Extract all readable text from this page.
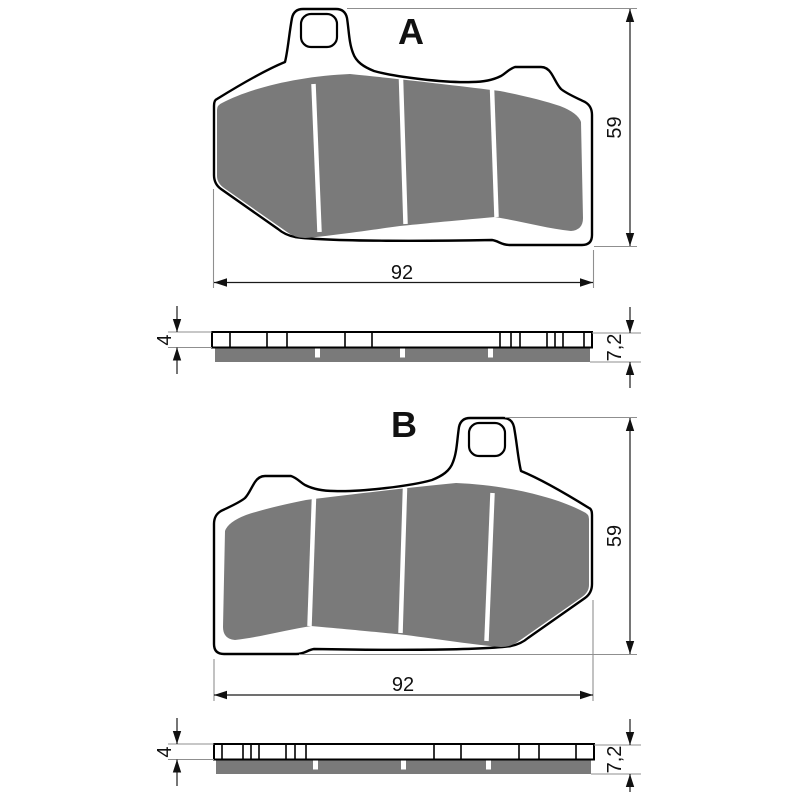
A
59
92
4	7,2
B
59
92
4	7,2
